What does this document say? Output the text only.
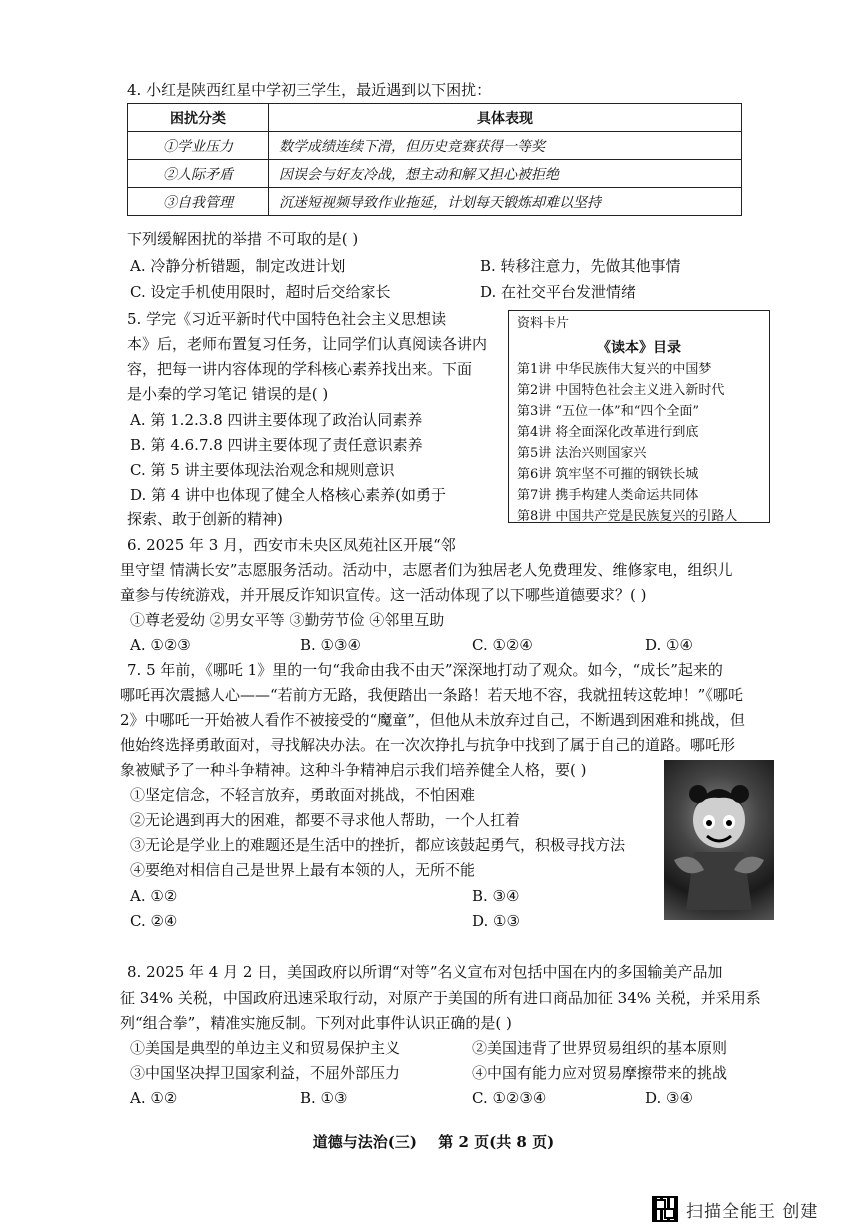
4. 小红是陕西红星中学初三学生，最近遇到以下困扰：
困扰分类	具体表现
①学业压力	数学成绩连续下滑，但历史竞赛获得一等奖
②人际矛盾	因误会与好友冷战，想主动和解又担心被拒绝
③自我管理	沉迷短视频导致作业拖延，计划每天锻炼却难以坚持
下列缓解困扰的举措 不可取的是( )
A. 冷静分析错题，制定改进计划	B. 转移注意力，先做其他事情
C. 设定手机使用限时，超时后交给家长	D. 在社交平台发泄情绪
5. 学完《习近平新时代中国特色社会主义思想读
本》后，老师布置复习任务，让同学们认真阅读各讲内
容，把每一讲内容体现的学科核心素养找出来。下面
是小秦的学习笔记 错误的是( )
A. 第 1.2.3.8 四讲主要体现了政治认同素养
B. 第 4.6.7.8 四讲主要体现了责任意识素养
C. 第 5 讲主要体现法治观念和规则意识
D. 第 4 讲中也体现了健全人格核心素养(如勇于
探索、敢于创新的精神)
资料卡片
《读本》目录
第1讲 中华民族伟大复兴的中国梦
第2讲 中国特色社会主义进入新时代
第3讲 “五位一体”和“四个全面”
第4讲 将全面深化改革进行到底
第5讲 法治兴则国家兴
第6讲 筑牢坚不可摧的钢铁长城
第7讲 携手构建人类命运共同体
第8讲 中国共产党是民族复兴的引路人
6. 2025 年 3 月，西安市未央区凤苑社区开展“邻
里守望 情满长安”志愿服务活动。活动中，志愿者们为独居老人免费理发、维修家电，组织儿
童参与传统游戏，并开展反诈知识宣传。这一活动体现了以下哪些道德要求？( )
①尊老爱幼 ②男女平等 ③勤劳节俭 ④邻里互助
A. ①②③	B. ①③④	C. ①②④	D. ①④
7. 5 年前，《哪吒 1》里的一句“我命由我不由天”深深地打动了观众。如今，“成长”起来的
哪吒再次震撼人心——“若前方无路，我便踏出一条路！若天地不容，我就扭转这乾坤！”《哪吒
2》中哪吒一开始被人看作不被接受的“魔童”，但他从未放弃过自己，不断遇到困难和挑战，但
他始终选择勇敢面对，寻找解决办法。在一次次挣扎与抗争中找到了属于自己的道路。哪吒形
象被赋予了一种斗争精神。这种斗争精神启示我们培养健全人格，要( )
①坚定信念，不轻言放弃，勇敢面对挑战，不怕困难
②无论遇到再大的困难，都要不寻求他人帮助，一个人扛着
③无论是学业上的难题还是生活中的挫折，都应该鼓起勇气，积极寻找方法
④要绝对相信自己是世界上最有本领的人，无所不能
A. ①②	B. ③④
C. ②④	D. ①③
8. 2025 年 4 月 2 日，美国政府以所谓“对等”名义宣布对包括中国在内的多国输美产品加
征 34% 关税，中国政府迅速采取行动，对原产于美国的所有进口商品加征 34% 关税，并采用系
列“组合拳”，精准实施反制。下列对此事件认识正确的是( )
①美国是典型的单边主义和贸易保护主义	②美国违背了世界贸易组织的基本原则
③中国坚决捍卫国家利益，不屈外部压力	④中国有能力应对贸易摩擦带来的挑战
A. ①②	B. ①③	C. ①②③④	D. ③④
道德与法治(三) 第 2 页(共 8 页)
扫描全能王 创建
